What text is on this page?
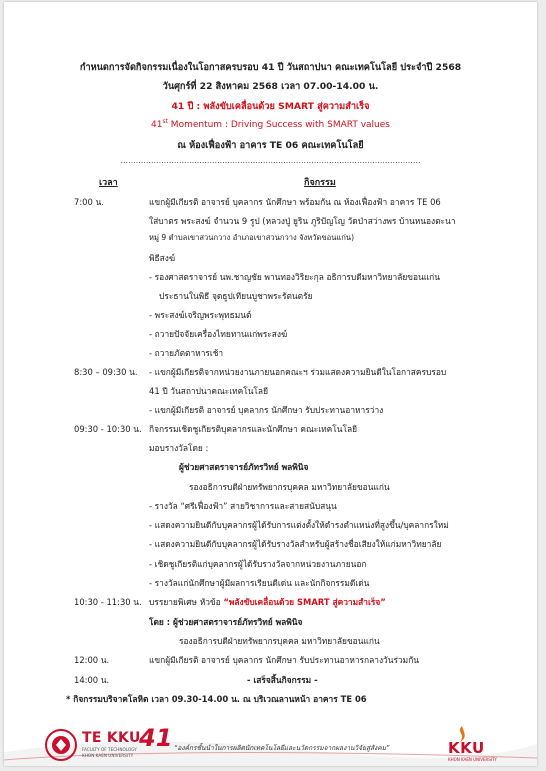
กำหนดการจัดกิจกรรมเนื่องในโอกาสครบรอบ 41 ปี วันสถาปนา คณะเทคโนโลยี ประจำปี 2568
วันศุกร์ที่ 22 สิงหาคม 2568 เวลา 07.00-14.00 น.
41 ปี : พลังขับเคลื่อนด้วย SMART สู่ความสำเร็จ
41st Momentum : Driving Success with SMART values
ณ ห้องเฟื่องฟ้า อาคาร TE 06 คณะเทคโนโลยี
......................................................................................................................
เวลา	กิจกรรม
7:00 น.	แขกผู้มีเกียรติ อาจารย์ บุคลากร นักศึกษา พร้อมกัน ณ ห้องเฟื่องฟ้า อาคาร TE 06
ใส่บาตร พระสงฆ์ จำนวน 9 รูป (หลวงปู่ ยูริน ภูริปัญโญ วัดป่าสว่างพร บ้านหนองตะนา
หมู่ 9 ตำบลเขาสวนกวาง อำเภอเขาสวนกวาง จังหวัดขอนแก่น)
พิธีสงฆ์
- รองศาสตราจารย์ นพ.ชาญชัย พานทองวิริยะกุล อธิการบดีมหาวิทยาลัยขอนแก่น
ประธานในพิธี จุดธูปเทียนบูชาพระรัตนตรัย
- พระสงฆ์เจริญพระพุทธมนต์
- ถวายปัจจัยเครื่องไทยทานแก่พระสงฆ์
- ถวายภัตตาหารเช้า
8:30 – 09:30 น. - แขกผู้มีเกียรติจากหน่วยงานภายนอกคณะฯ ร่วมแสดงความยินดีในโอกาสครบรอบ
41 ปี วันสถาปนาคณะเทคโนโลยี
- แขกผู้มีเกียรติ อาจารย์ บุคลากร นักศึกษา รับประทานอาหารว่าง
09:30 - 10:30 น. กิจกรรมเชิดชูเกียรติบุคลากรและนักศึกษา คณะเทคโนโลยี
มอบรางวัลโดย :
ผู้ช่วยศาสตราจารย์ภัทรวิทย์ พลพินิจ
รองอธิการบดีฝ่ายทรัพยากรบุคคล มหาวิทยาลัยขอนแก่น
- รางวัล “ศรีเฟื่องฟ้า” สายวิชาการและสายสนับสนุน
- แสดงความยินดีกับบุคลากรผู้ได้รับการแต่งตั้งให้ดำรงตำแหน่งที่สูงขึ้น/บุคลากรใหม่
- แสดงความยินดีกับบุคลากรผู้ได้รับรางวัลสำหรับผู้สร้างชื่อเสียงให้แก่มหาวิทยาลัย
- เชิดชูเกียรติแก่บุคลากรผู้ได้รับรางวัลจากหน่วยงานภายนอก
- รางวัลแก่นักศึกษาผู้มีผลการเรียนดีเด่น และนักกิจกรรมดีเด่น
10:30 - 11:30 น. บรรยายพิเศษ หัวข้อ “พลังขับเคลื่อนด้วย SMART สู่ความสำเร็จ”
โดย : ผู้ช่วยศาสตราจารย์ภัทรวิทย์ พลพินิจ
รองอธิการบดีฝ่ายทรัพยากรบุคคล มหาวิทยาลัยขอนแก่น
12:00 น.	แขกผู้มีเกียรติ อาจารย์ บุคลากร นักศึกษา รับประทานอาหารกลางวันร่วมกัน
14:00 น.	- เสร็จสิ้นกิจกรรม -
* กิจกรรมบริจาคโลหิต เวลา 09.30-14.00 น. ณ บริเวณลานหน้า อาคาร TE 06
TE KKU
FACULTY OF TECHNOLOGY
KHON KAEN UNIVERSITY
41 “องค์กรชั้นนำในการผลิตนักเทคโนโลยีและนวัตกรรมจากผลงานวิจัยสู่สังคม”	KKU
KHON KAEN UNIVERSITY
